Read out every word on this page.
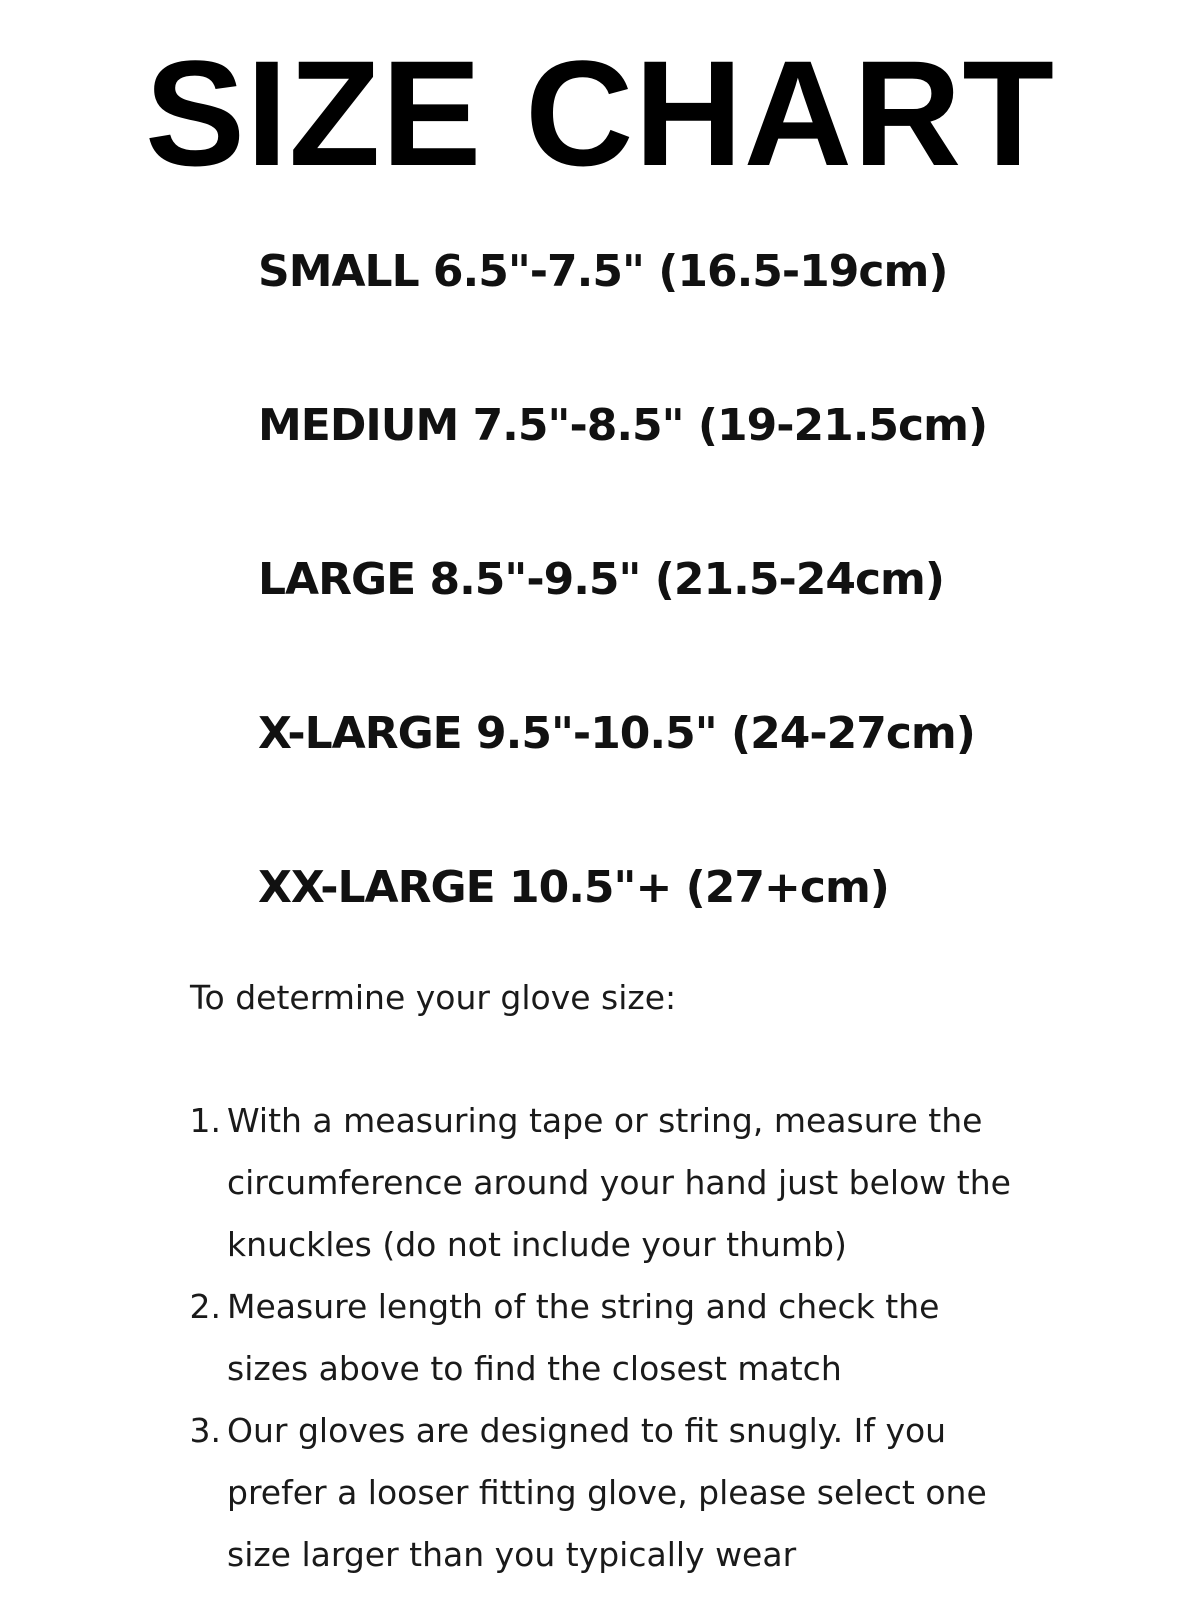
SIZE CHART
SMALL 6.5"-7.5" (16.5-19cm)
MEDIUM 7.5"-8.5" (19-21.5cm)
LARGE 8.5"-9.5" (21.5-24cm)
X-LARGE 9.5"-10.5" (24-27cm)
XX-LARGE 10.5"+ (27+cm)
To determine your glove size:
1. With a measuring tape or string, measure the
circumference around your hand just below the
knuckles (do not include your thumb)
2. Measure length of the string and check the
sizes above to find the closest match
3. Our gloves are designed to fit snugly. If you
prefer a looser fitting glove, please select one
size larger than you typically wear
